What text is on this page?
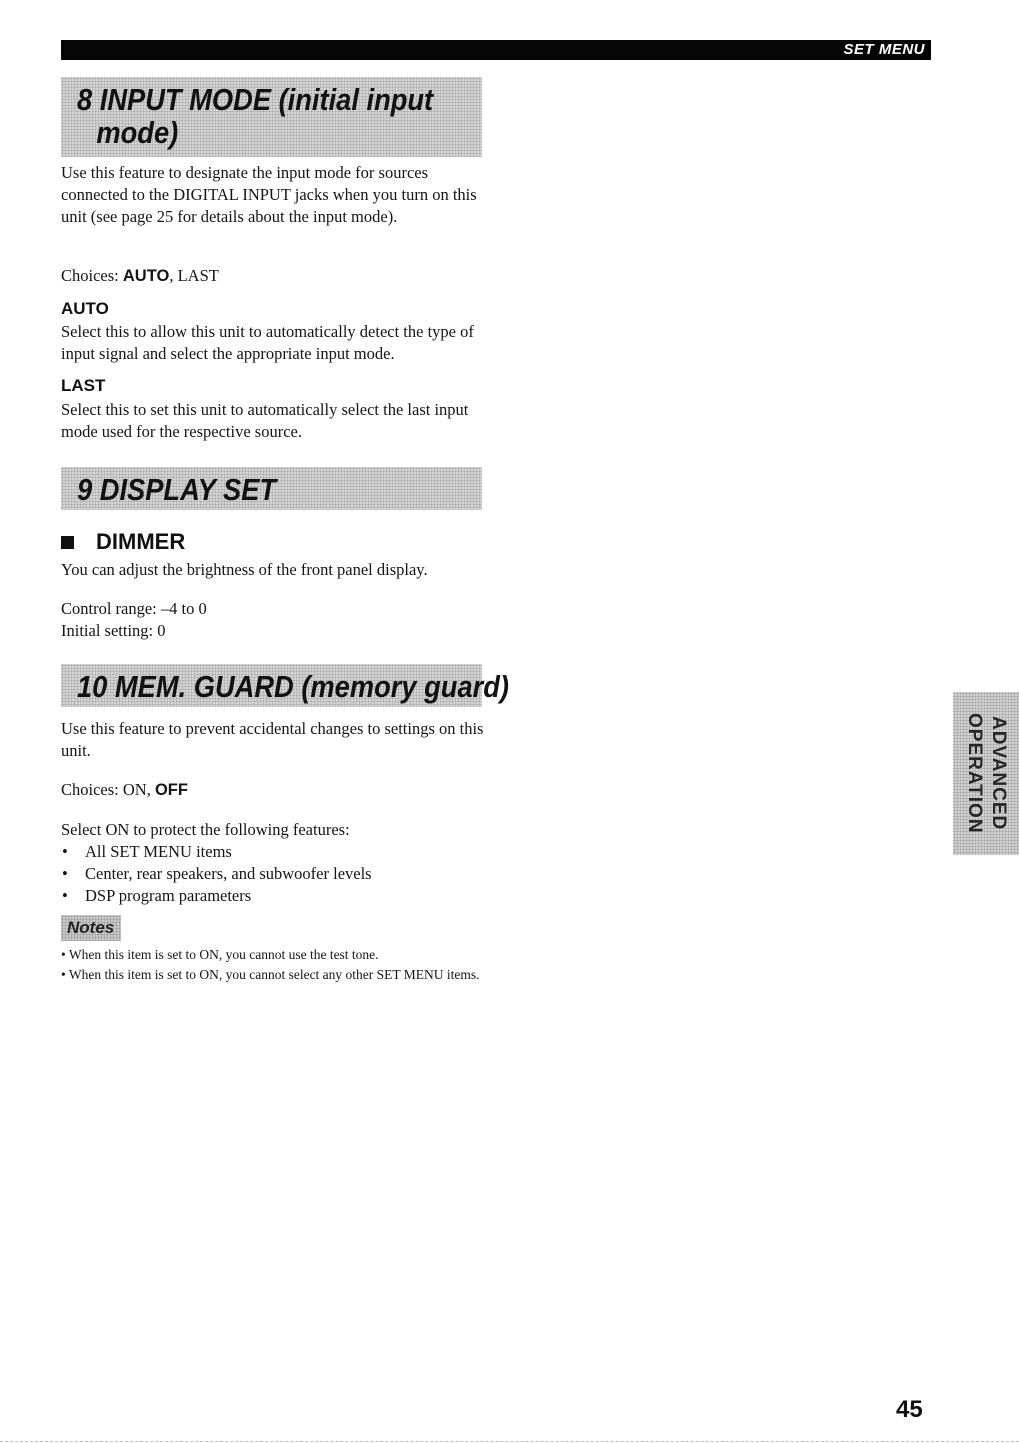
SET MENU
8 INPUT MODE (initial input
mode)
Use this feature to designate the input mode for sources connected to the DIGITAL INPUT jacks when you turn on this unit (see page 25 for details about the input mode).
Choices: AUTO, LAST
AUTO
Select this to allow this unit to automatically detect the type of input signal and select the appropriate input mode.
LAST
Select this to set this unit to automatically select the last input mode used for the respective source.
9 DISPLAY SET
DIMMER
You can adjust the brightness of the front panel display.
Control range: –4 to 0
Initial setting: 0
10 MEM. GUARD (memory guard)
Use this feature to prevent accidental changes to settings on this unit.
Choices: ON, OFF
Select ON to protect the following features:
• All SET MENU items
• Center, rear speakers, and subwoofer levels
• DSP program parameters
Notes
• When this item is set to ON, you cannot use the test tone.
• When this item is set to ON, you cannot select any other SET MENU items.
ADVANCED
OPERATION
45
